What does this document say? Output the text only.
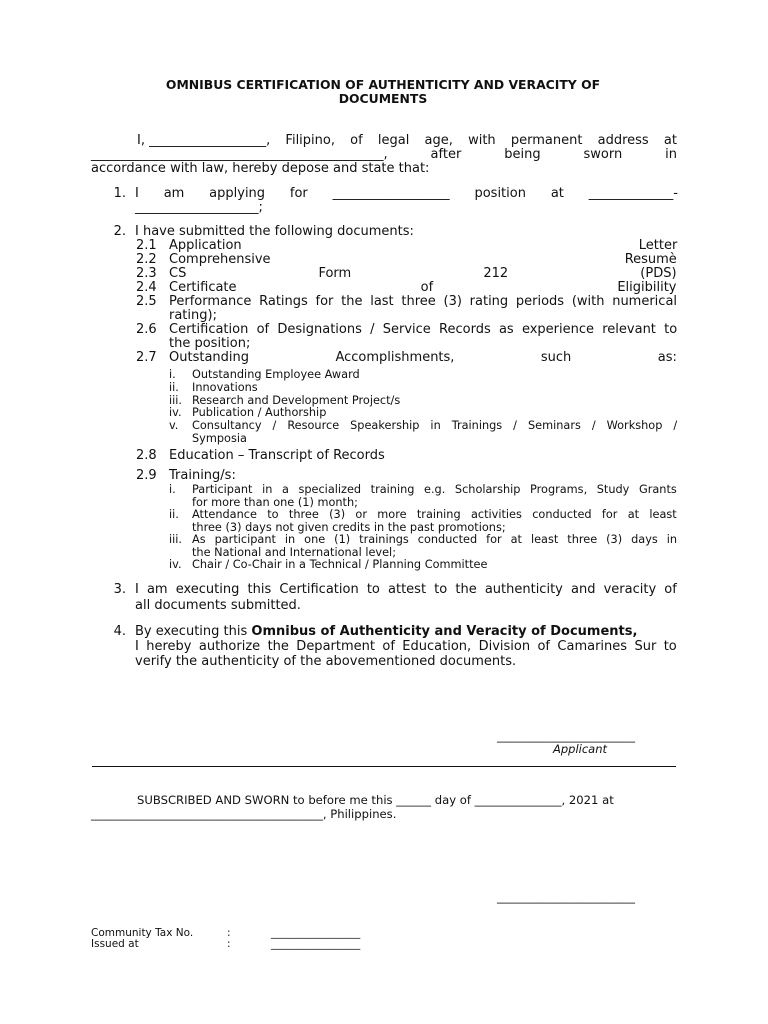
OMNIBUS CERTIFICATION OF AUTHENTICITY AND VERACITY OF
DOCUMENTS
I, __________________, Filipino, of legal age, with permanent address at
_____________________________________________,	after	being	sworn	in
accordance with law, hereby depose and state that:
1. I am applying for __________________ position at _____________-
___________________;
2. I have submitted the following documents:
2.1 Application Letter
2.2 Comprehensive Resumè
2.3 CS Form 212 (PDS)
2.4 Certificate of Eligibility
2.5 Performance Ratings for the last three (3) rating periods (with numerical
rating);
2.6 Certification of Designations / Service Records as experience relevant to
the position;
2.7 Outstanding Accomplishments, such as:
i. Outstanding Employee Award
ii. Innovations
iii. Research and Development Project/s
iv. Publication / Authorship
v. Consultancy / Resource Speakership in Trainings / Seminars / Workshop /
Symposia
2.8 Education – Transcript of Records
2.9 Training/s:
i. Participant in a specialized training e.g. Scholarship Programs, Study Grants
for more than one (1) month;
ii. Attendance to three (3) or more training activities conducted for at least
three (3) days not given credits in the past promotions;
iii. As participant in one (1) trainings conducted for at least three (3) days in
the National and International level;
iv. Chair / Co-Chair in a Technical / Planning Committee
3. I am executing this Certification to attest to the authenticity and veracity of
all documents submitted.
4. By executing this Omnibus of Authenticity and Veracity of Documents,
I hereby authorize the Department of Education, Division of Camarines Sur to
verify the authenticity of the abovementioned documents.
________________________
Applicant
SUBSCRIBED AND SWORN to before me this ______ day of _______________, 2021 at
________________________________________, Philippines.
________________________
Community Tax No.	:	_________________
Issued at	:	_________________
